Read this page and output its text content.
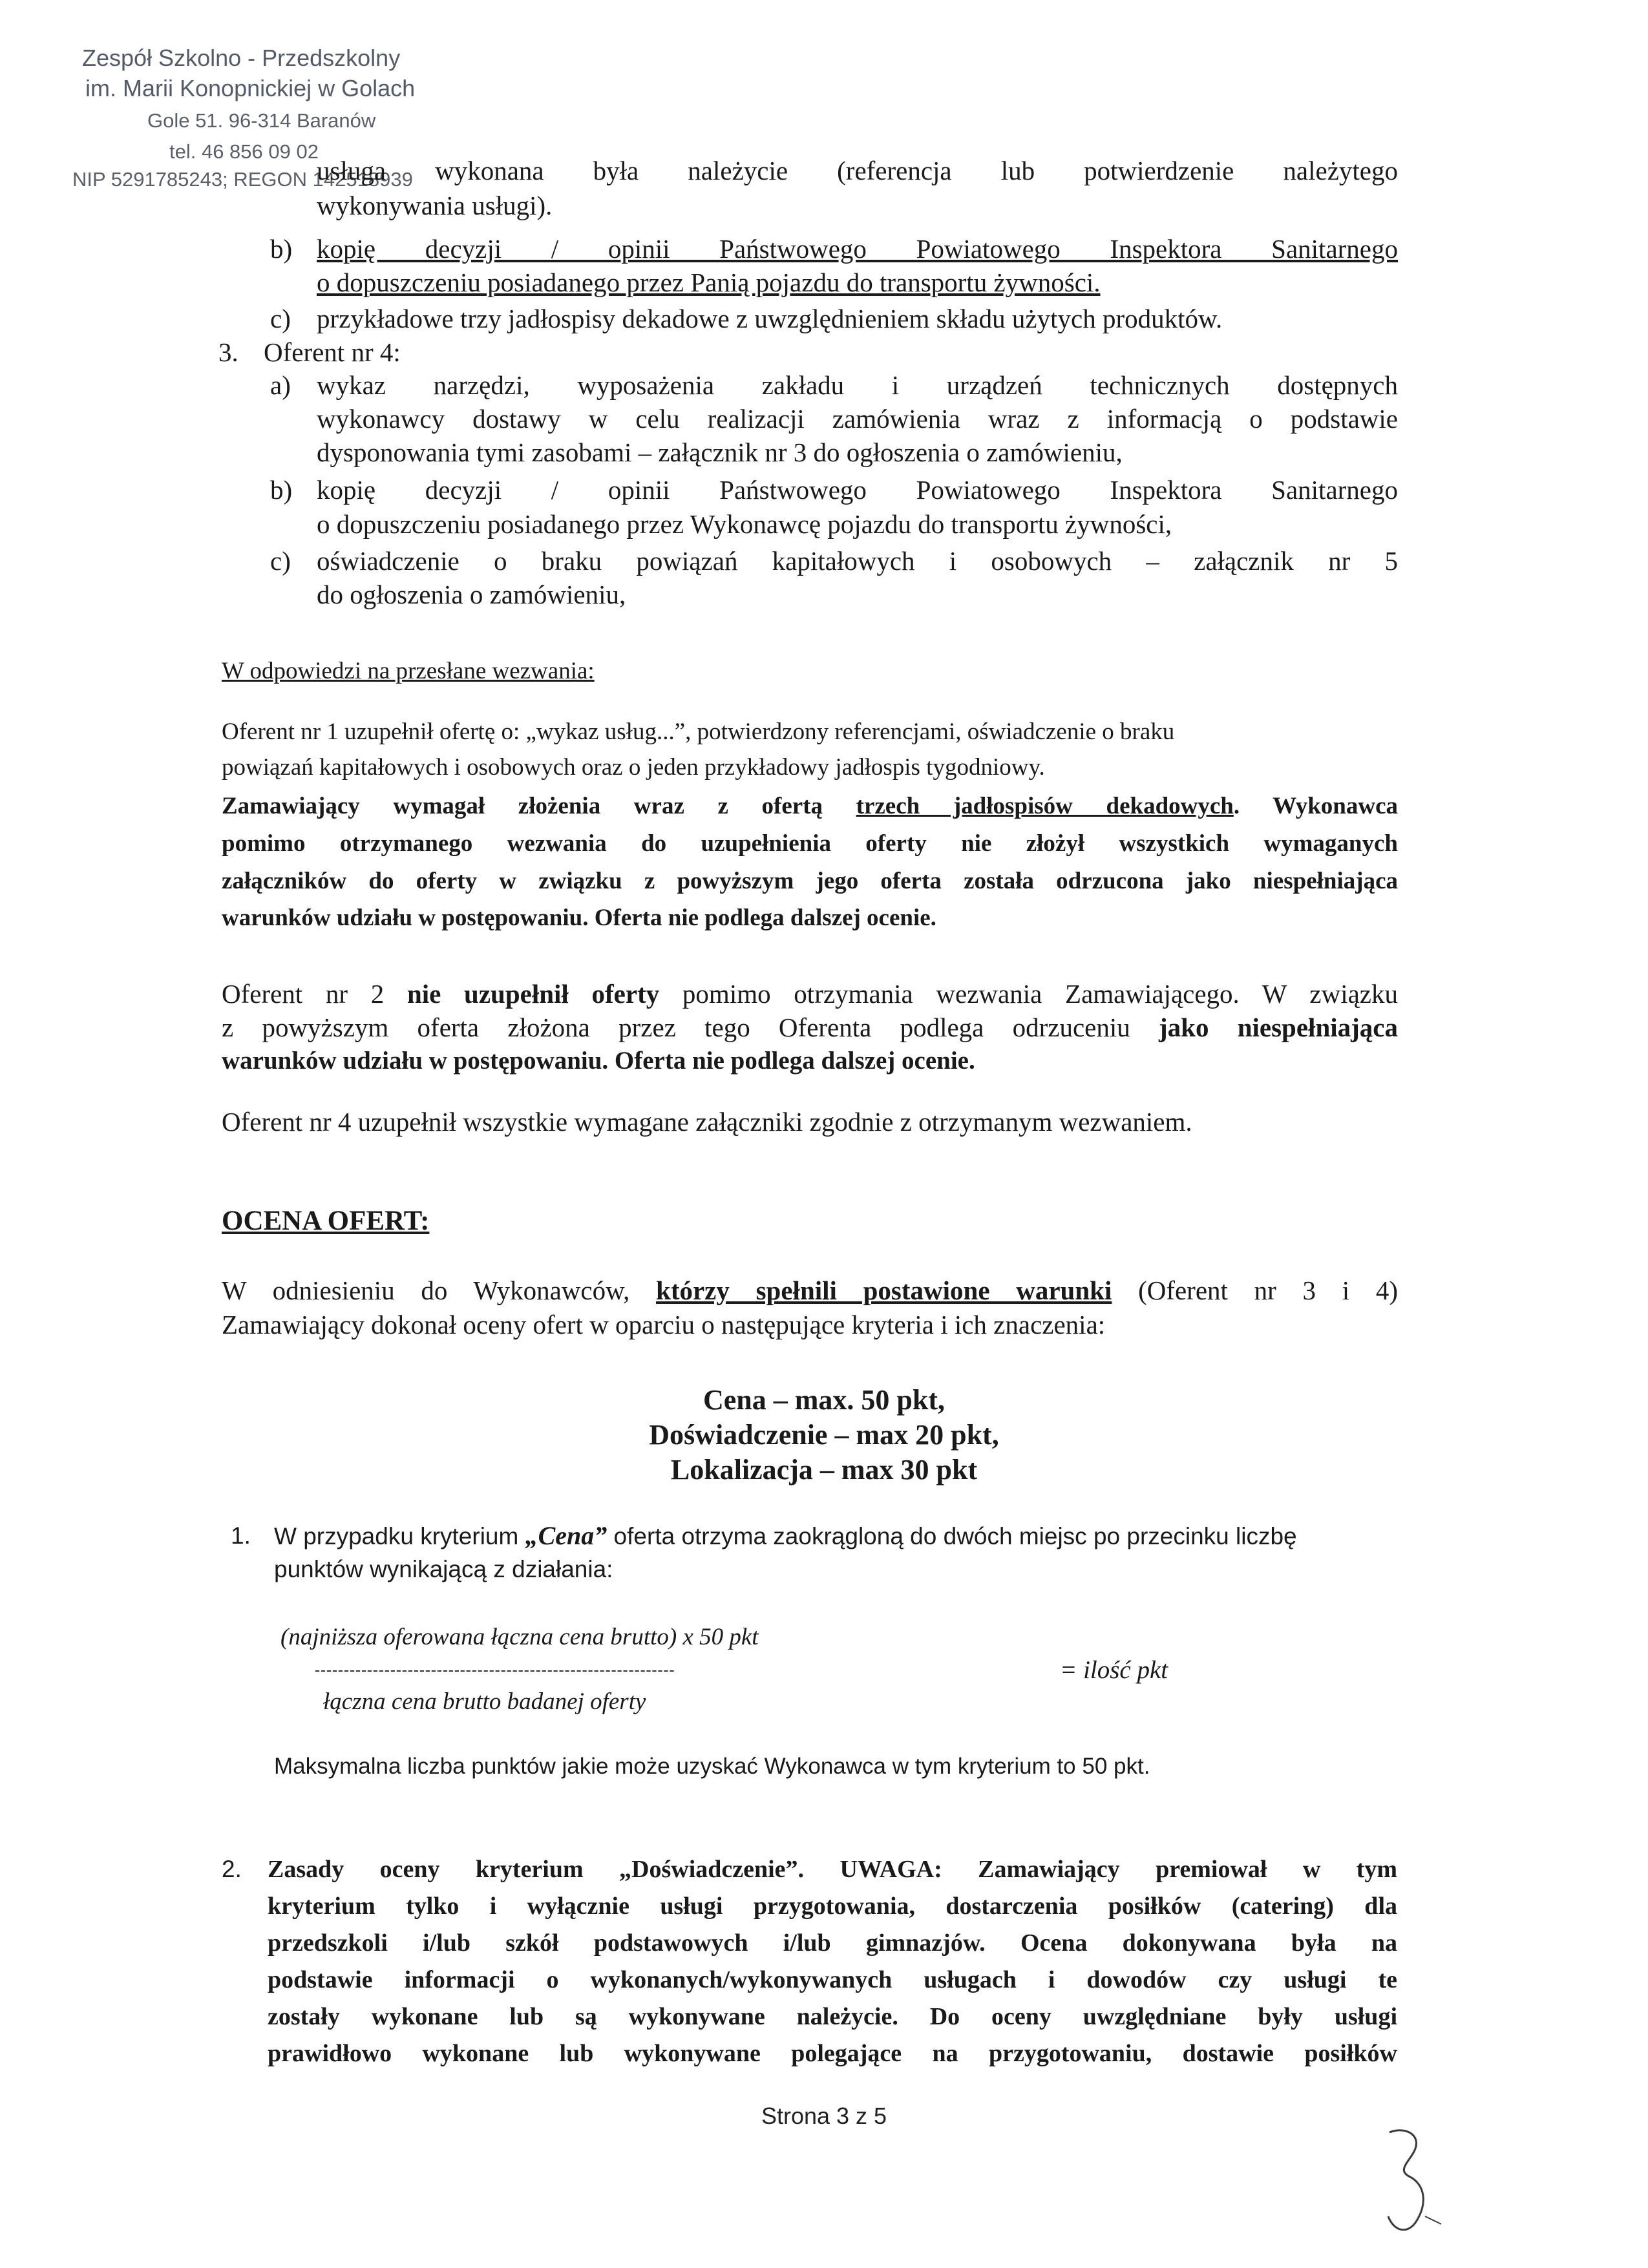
Zespół Szkolno - Przedszkolny
im. Marii Konopnickiej w Golach
Gole 51. 96-314 Baranów
tel. 46 856 09 02
NIP 5291785243; REGON 142518939
usługa wykonana była należycie (referencja lub potwierdzenie należytego
wykonywania usługi).
b) kopię decyzji / opinii Państwowego Powiatowego Inspektora Sanitarnego
o dopuszczeniu posiadanego przez Panią pojazdu do transportu żywności.
c) przykładowe trzy jadłospisy dekadowe z uwzględnieniem składu użytych produktów.
3. Oferent nr 4:
a) wykaz narzędzi, wyposażenia zakładu i urządzeń technicznych dostępnych
wykonawcy dostawy w celu realizacji zamówienia wraz z informacją o podstawie
dysponowania tymi zasobami – załącznik nr 3 do ogłoszenia o zamówieniu,
b) kopię decyzji / opinii Państwowego Powiatowego Inspektora Sanitarnego
o dopuszczeniu posiadanego przez Wykonawcę pojazdu do transportu żywności,
c) oświadczenie o braku powiązań kapitałowych i osobowych – załącznik nr 5
do ogłoszenia o zamówieniu,
W odpowiedzi na przesłane wezwania:
Oferent nr 1 uzupełnił ofertę o: „wykaz usług...”, potwierdzony referencjami, oświadczenie o braku
powiązań kapitałowych i osobowych oraz o jeden przykładowy jadłospis tygodniowy.
Zamawiający wymagał złożenia wraz z ofertą trzech jadłospisów dekadowych. Wykonawca
pomimo otrzymanego wezwania do uzupełnienia oferty nie złożył wszystkich wymaganych
załączników do oferty w związku z powyższym jego oferta została odrzucona jako niespełniająca
warunków udziału w postępowaniu. Oferta nie podlega dalszej ocenie.
Oferent nr 2 nie uzupełnił oferty pomimo otrzymania wezwania Zamawiającego. W związku
z powyższym oferta złożona przez tego Oferenta podlega odrzuceniu jako niespełniająca
warunków udziału w postępowaniu. Oferta nie podlega dalszej ocenie.
Oferent nr 4 uzupełnił wszystkie wymagane załączniki zgodnie z otrzymanym wezwaniem.
OCENA OFERT:
W odniesieniu do Wykonawców, którzy spełnili postawione warunki (Oferent nr 3 i 4)
Zamawiający dokonał oceny ofert w oparciu o następujące kryteria i ich znaczenia:
Cena – max. 50 pkt,
Doświadczenie – max 20 pkt,
Lokalizacja – max 30 pkt
1. W przypadku kryterium „Cena” oferta otrzyma zaokrągloną do dwóch miejsc po przecinku liczbę
punktów wynikającą z działania:
(najniższa oferowana łączna cena brutto) x 50 pkt
--------------------------------------------------------------	= ilość pkt
łączna cena brutto badanej oferty
Maksymalna liczba punktów jakie może uzyskać Wykonawca w tym kryterium to 50 pkt.
2. Zasady oceny kryterium „Doświadczenie”. UWAGA: Zamawiający premiował w tym
kryterium tylko i wyłącznie usługi przygotowania, dostarczenia posiłków (catering) dla
przedszkoli i/lub szkół podstawowych i/lub gimnazjów. Ocena dokonywana była na
podstawie informacji o wykonanych/wykonywanych usługach i dowodów czy usługi te
zostały wykonane lub są wykonywane należycie. Do oceny uwzględniane były usługi
prawidłowo wykonane lub wykonywane polegające na przygotowaniu, dostawie posiłków
Strona 3 z 5
